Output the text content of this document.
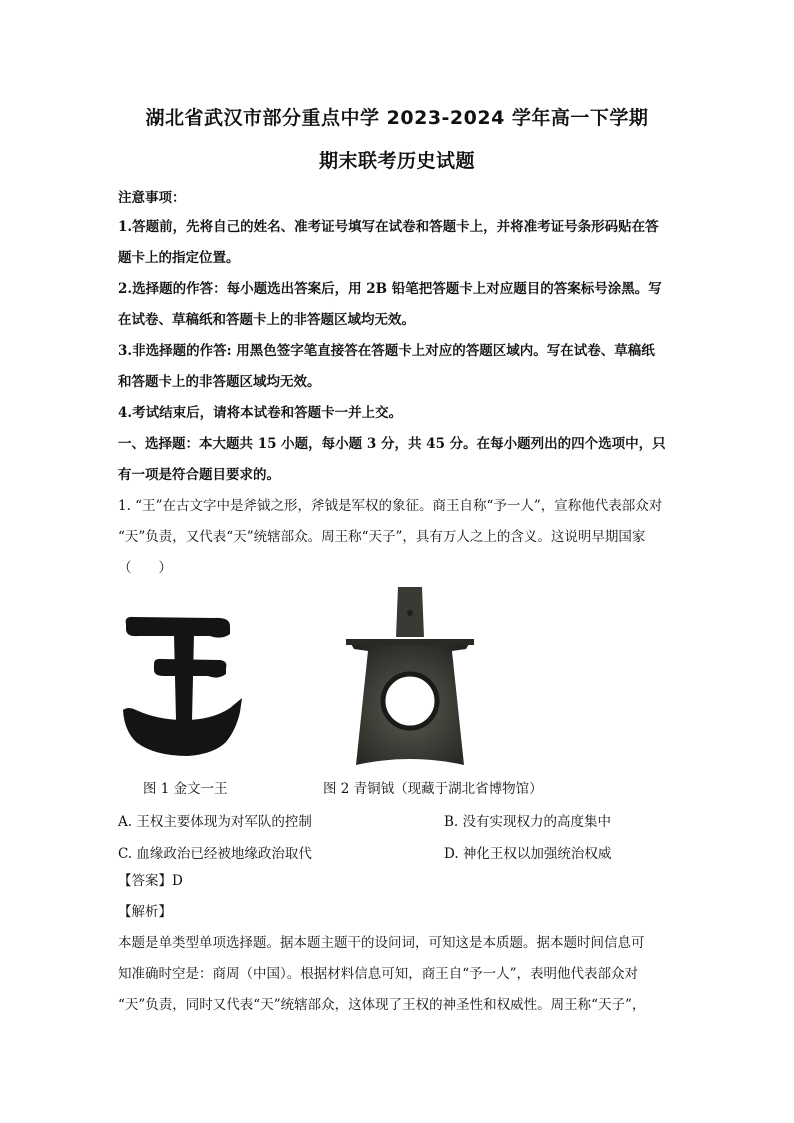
湖北省武汉市部分重点中学 2023-2024 学年高一下学期
期末联考历史试题

注意事项：

1.答题前，先将自己的姓名、准考证号填写在试卷和答题卡上，并将准考证号条形码贴在答

题卡上的指定位置。

2.选择题的作答：每小题选出答案后，用 2B 铅笔把答题卡上对应题目的答案标号涂黑。写

在试卷、草稿纸和答题卡上的非答题区域均无效。

3.非选择题的作答: 用黑色签字笔直接答在答题卡上对应的答题区域内。写在试卷、草稿纸

和答题卡上的非答题区域均无效。

4.考试结束后，请将本试卷和答题卡一并上交。

一、选择题：本大题共 15 小题，每小题 3 分，共 45 分。在每小题列出的四个选项中，只

有一项是符合题目要求的。

1. “王”在古文字中是斧钺之形，斧钺是军权的象征。商王自称“予一人”，宣称他代表部众对

“天”负责，又代表“天”统辖部众。周王称“天子”，具有万人之上的含义。这说明早期国家

（　　）

图 1 金文一王	图 2 青铜钺（现藏于湖北省博物馆）
A. 王权主要体现为对军队的控制	B. 没有实现权力的高度集中
C. 血缘政治已经被地缘政治取代	D. 神化王权以加强统治权威

【答案】D

【解析】

本题是单类型单项选择题。据本题主题干的设问词，可知这是本质题。据本题时间信息可

知准确时空是：商周（中国）。根据材料信息可知，商王自“予一人”，表明他代表部众对

“天”负责，同时又代表“天”统辖部众，这体现了王权的神圣性和权威性。周王称“天子”，
